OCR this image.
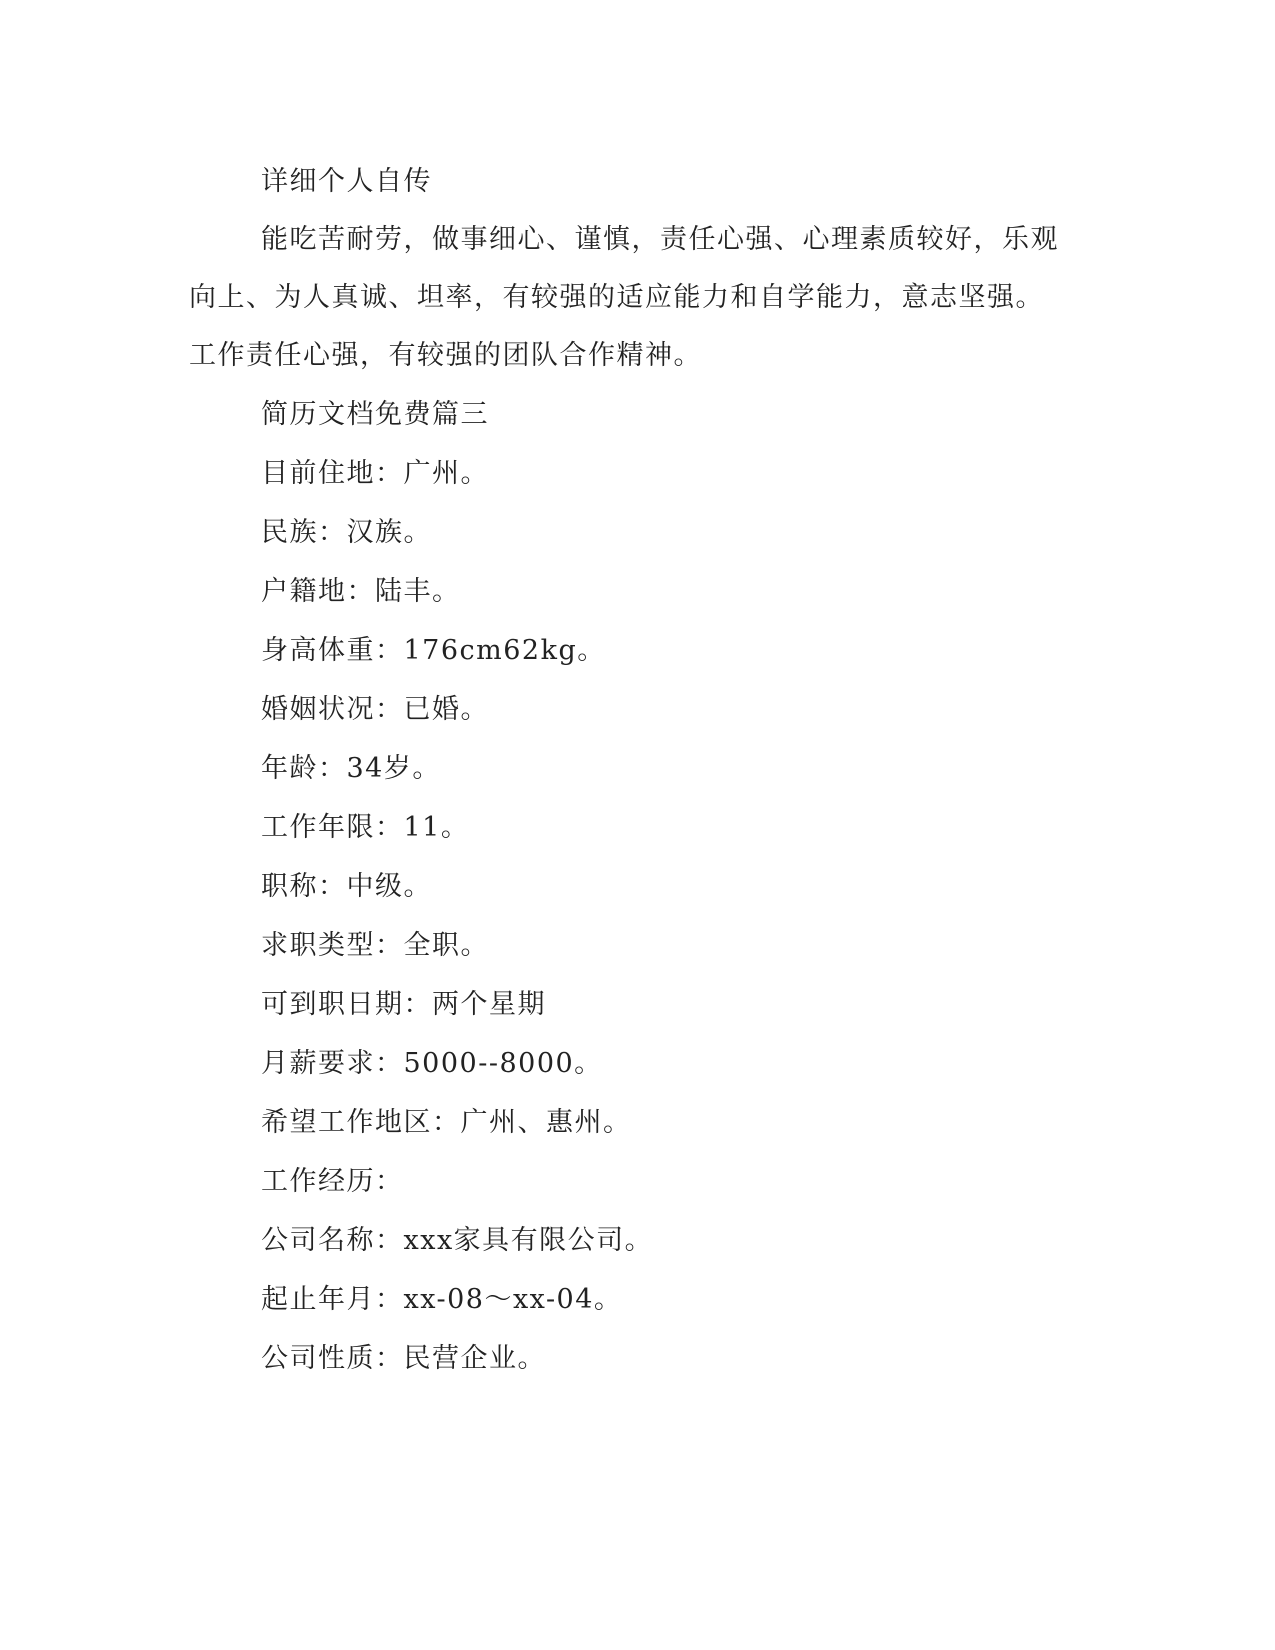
详细个人自传
能吃苦耐劳，做事细心、谨慎，责任心强、心理素质较好，乐观
向上、为人真诚、坦率，有较强的适应能力和自学能力，意志坚强。
工作责任心强，有较强的团队合作精神。
简历文档免费篇三
目前住地：广州。
民族：汉族。
户籍地：陆丰。
身高体重：176cm62kg。
婚姻状况：已婚。
年龄：34岁。
工作年限：11。
职称：中级。
求职类型：全职。
可到职日期：两个星期
月薪要求：5000--8000。
希望工作地区：广州、惠州。
工作经历：
公司名称：xxx家具有限公司。
起止年月：xx-08～xx-04。
公司性质：民营企业。
